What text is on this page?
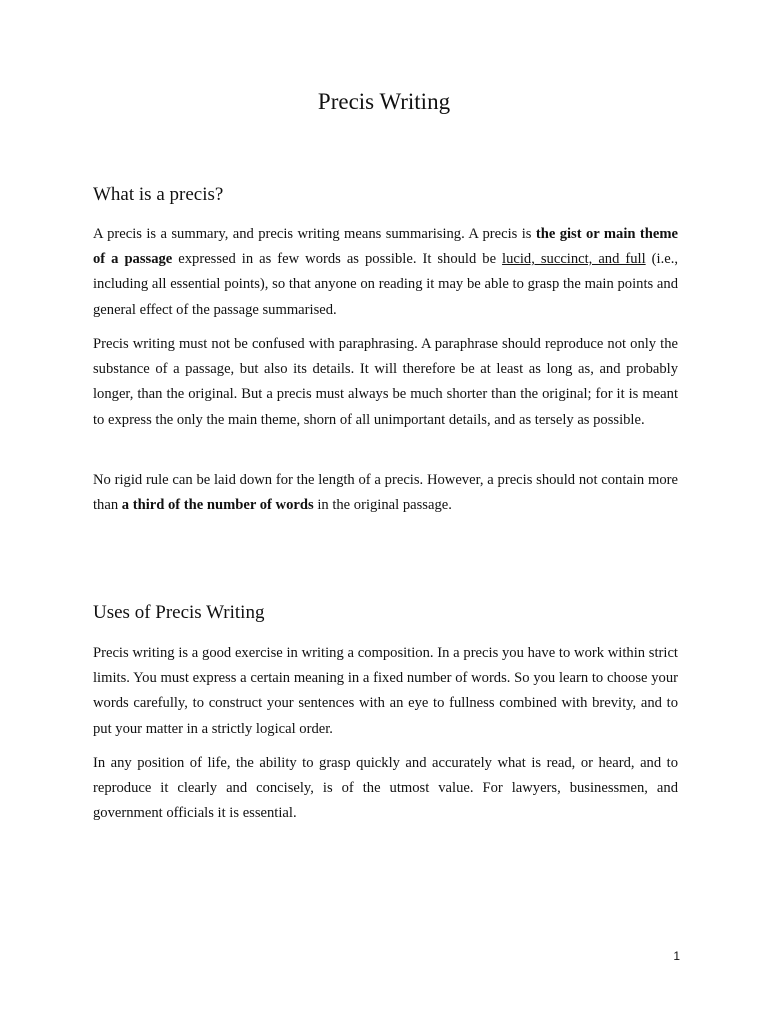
Precis Writing
What is a precis?

A precis is a summary, and precis writing means summarising. A precis is the gist or main theme of a passage expressed in as few words as possible. It should be lucid, succinct, and full (i.e., including all essential points), so that anyone on reading it may be able to grasp the main points and general effect of the passage summarised.

Precis writing must not be confused with paraphrasing. A paraphrase should reproduce not only the substance of a passage, but also its details. It will therefore be at least as long as, and probably longer, than the original. But a precis must always be much shorter than the original; for it is meant to express the only the main theme, shorn of all unimportant details, and as tersely as possible.

No rigid rule can be laid down for the length of a precis. However, a precis should not contain more than a third of the number of words in the original passage.

Uses of Precis Writing

Precis writing is a good exercise in writing a composition. In a precis you have to work within strict limits. You must express a certain meaning in a fixed number of words. So you learn to choose your words carefully, to construct your sentences with an eye to fullness combined with brevity, and to put your matter in a strictly logical order.

In any position of life, the ability to grasp quickly and accurately what is read, or heard, and to reproduce it clearly and concisely, is of the utmost value. For lawyers, businessmen, and government officials it is essential.

1
